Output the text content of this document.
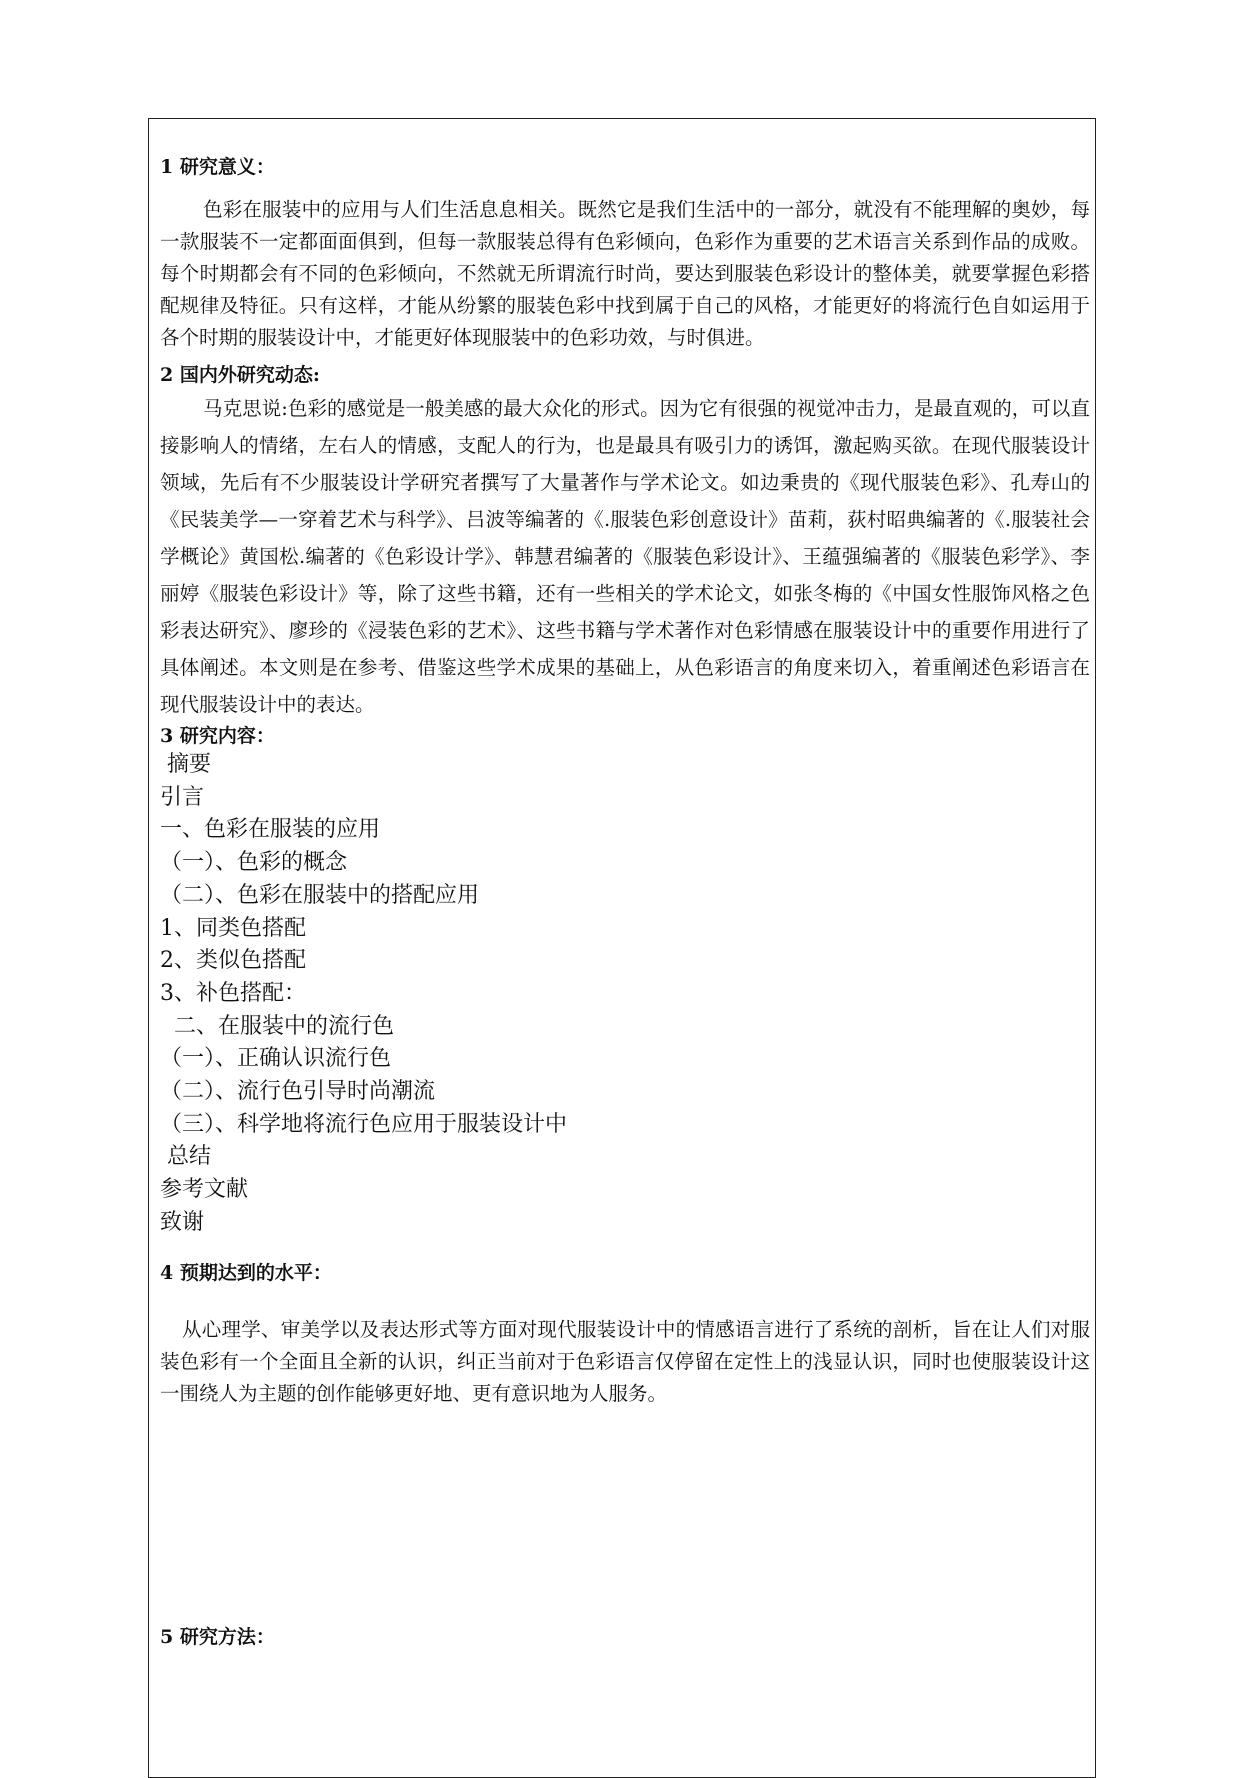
1 研究意义：

色彩在服装中的应用与人们生活息息相关。既然它是我们生活中的一部分，就没有不能理解的奥妙，每一款服装不一定都面面俱到，但每一款服装总得有色彩倾向，色彩作为重要的艺术语言关系到作品的成败。每个时期都会有不同的色彩倾向，不然就无所谓流行时尚，要达到服装色彩设计的整体美，就要掌握色彩搭配规律及特征。只有这样，才能从纷繁的服装色彩中找到属于自己的风格，才能更好的将流行色自如运用于各个时期的服装设计中，才能更好体现服装中的色彩功效，与时俱进。

2 国内外研究动态:

马克思说:色彩的感觉是一般美感的最大众化的形式。因为它有很强的视觉冲击力，是最直观的，可以直接影响人的情绪，左右人的情感，支配人的行为，也是最具有吸引力的诱饵，激起购买欲。在现代服装设计领域，先后有不少服装设计学研究者撰写了大量著作与学术论文。如边秉贵的《现代服装色彩》、孔寿山的《民装美学—一穿着艺术与科学》、吕波等编著的《.服装色彩创意设计》苗莉，荻村昭典编著的《.服装社会学概论》黄国松.编著的《色彩设计学》、韩慧君编著的《服装色彩设计》、王蕴强编著的《服装色彩学》、李丽婷《服装色彩设计》等，除了这些书籍，还有一些相关的学术论文，如张冬梅的《中国女性服饰风格之色彩表达研究》、廖珍的《浸装色彩的艺术》、这些书籍与学术著作对色彩情感在服装设计中的重要作用进行了具体阐述。本文则是在参考、借鉴这些学术成果的基础上，从色彩语言的角度来切入，着重阐述色彩语言在现代服装设计中的表达。

3 研究内容：

摘要

引言

一、色彩在服装的应用

（一）、色彩的概念

（二）、色彩在服装中的搭配应用

1、同类色搭配

2、类似色搭配

3、补色搭配：

二、在服装中的流行色

（一）、正确认识流行色

（二）、流行色引导时尚潮流

（三）、科学地将流行色应用于服装设计中

总结

参考文献

致谢

4 预期达到的水平：

从心理学、审美学以及表达形式等方面对现代服装设计中的情感语言进行了系统的剖析，旨在让人们对服装色彩有一个全面且全新的认识，纠正当前对于色彩语言仅停留在定性上的浅显认识，同时也使服装设计这一围绕人为主题的创作能够更好地、更有意识地为人服务。

5 研究方法：
